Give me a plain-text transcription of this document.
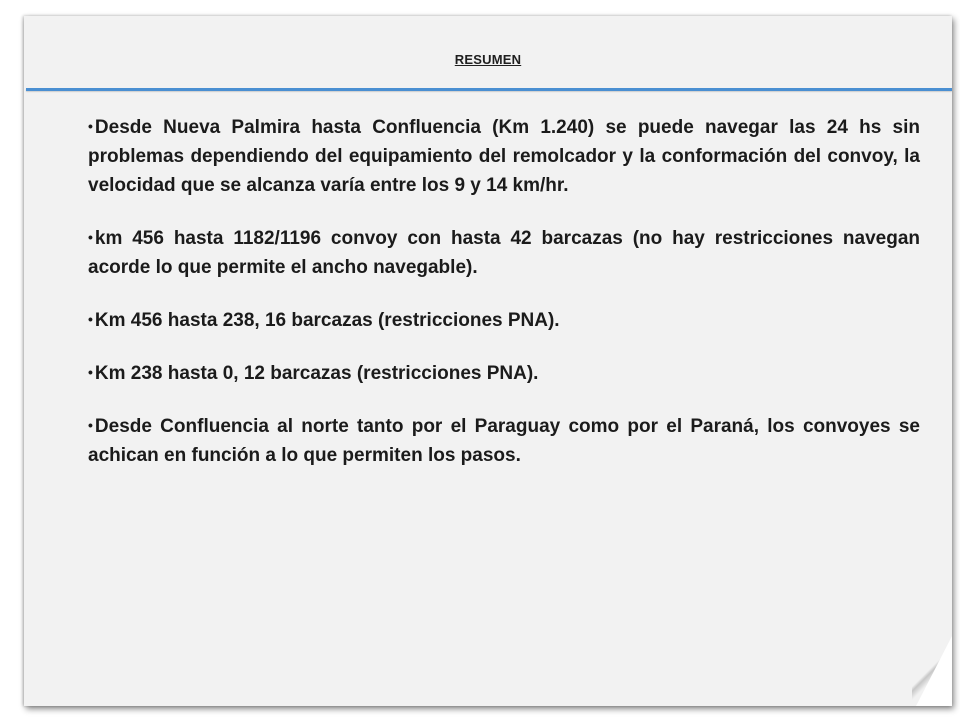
RESUMEN

• Desde Nueva Palmira hasta Confluencia (Km 1.240) se puede navegar las 24 hs sin problemas dependiendo del equipamiento del remolcador y la conformación del convoy, la velocidad que se alcanza varía entre los 9 y 14 km/hr.

• km 456 hasta 1182/1196 convoy con hasta 42 barcazas (no hay restricciones navegan acorde lo que permite el ancho navegable).

• Km 456 hasta 238, 16 barcazas (restricciones PNA).

• Km 238 hasta 0, 12 barcazas (restricciones PNA).

• Desde Confluencia al norte tanto por el Paraguay como por el Paraná, los convoyes se achican en función a lo que permiten los pasos.
